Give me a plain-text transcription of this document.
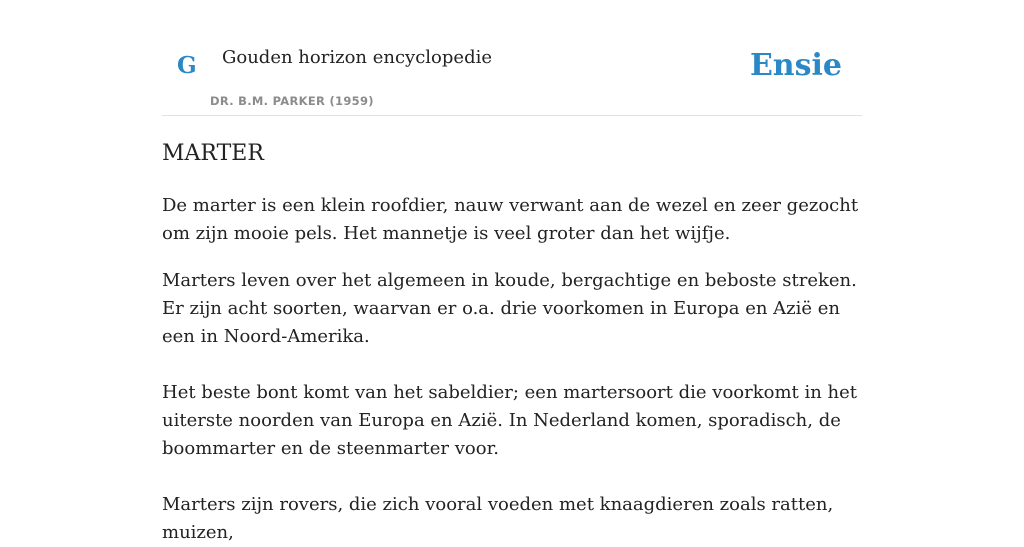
G Gouden horizon encyclopedie
DR. B.M. PARKER (1959)
Ensie
MARTER

De marter is een klein roofdier, nauw verwant aan de wezel en zeer gezocht om zijn mooie pels. Het mannetje is veel groter dan het wijfje.

Marters leven over het algemeen in koude, bergachtige en beboste streken. Er zijn acht soorten, waarvan er o.a. drie voorkomen in Europa en Azië en een in Noord-Amerika.

Het beste bont komt van het sabeldier; een martersoort die voorkomt in het uiterste noorden van Europa en Azië. In Nederland komen, sporadisch, de boommarter en de steenmarter voor.

Marters zijn rovers, die zich vooral voeden met knaagdieren zoals ratten, muizen,
